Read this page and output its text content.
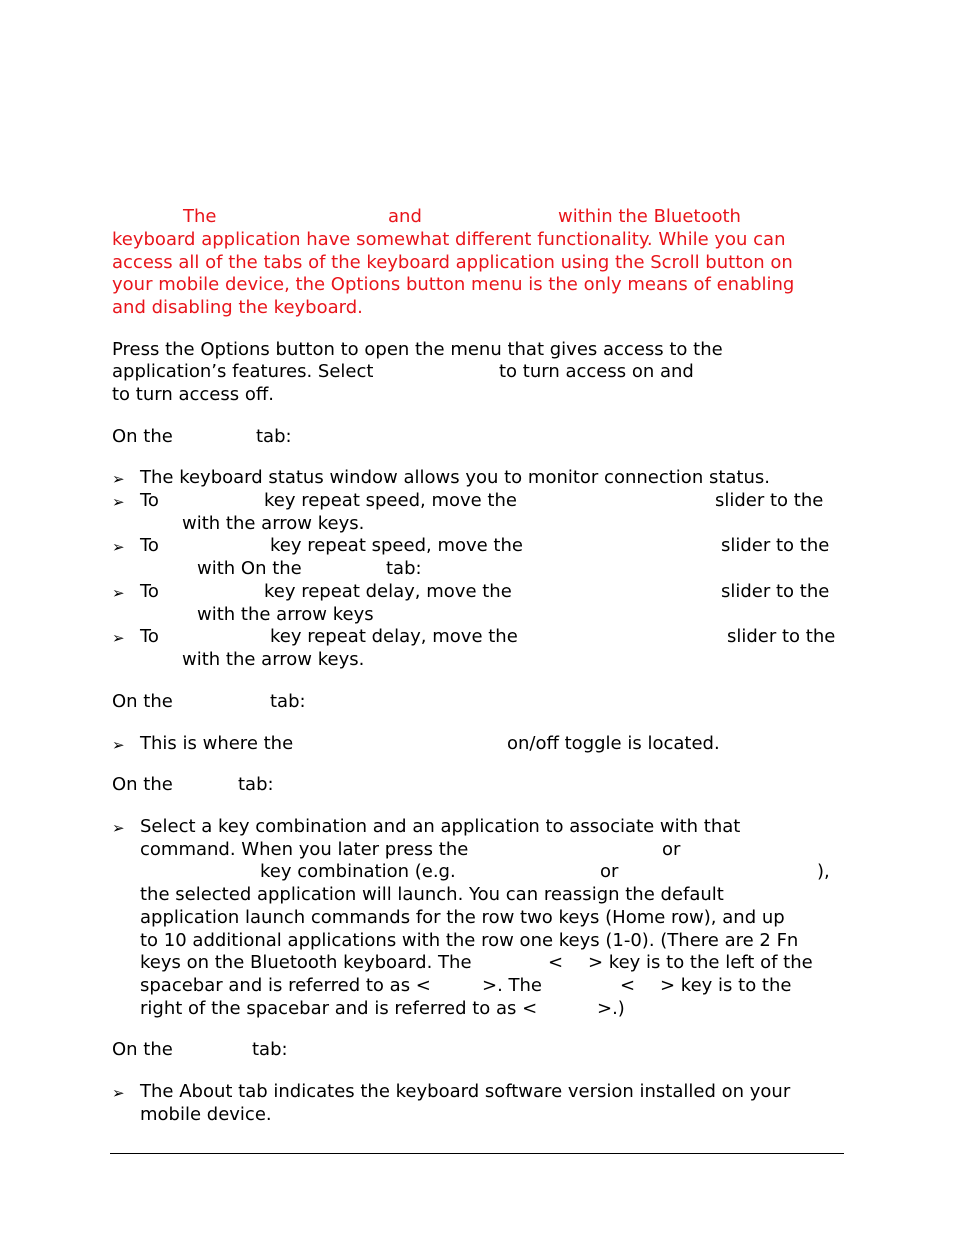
The	and	within the Bluetooth
keyboard application have somewhat different functionality. While you can
access all of the tabs of the keyboard application using the Scroll button on
your mobile device, the Options button menu is the only means of enabling
and disabling the keyboard.
Press the Options button to open the menu that gives access to the
application’s features. Select	to turn access on and
to turn access off.
On the	tab:
➢ The keyboard status window allows you to monitor connection status.
➢ To	key repeat speed, move the	slider to the
with the arrow keys.
➢ To	key repeat speed, move the	slider to the
with On the	tab:
➢ To	key repeat delay, move the	slider to the
with the arrow keys
➢ To	key repeat delay, move the	slider to the
with the arrow keys.
On the	tab:
➢ This is where the	on/off toggle is located.
On the	tab:
➢ Select a key combination and an application to associate with that
command. When you later press the	or
key combination (e.g.	or	),
the selected application will launch. You can reassign the default
application launch commands for the row two keys (Home row), and up
to 10 additional applications with the row one keys (1-0). (There are 2 Fn
keys on the Bluetooth keyboard. The	< > key is to the left of the
spacebar and is referred to as <	>. The	< > key is to the
right of the spacebar and is referred to as <	>.)
On the	tab:
➢ The About tab indicates the keyboard software version installed on your
mobile device.
